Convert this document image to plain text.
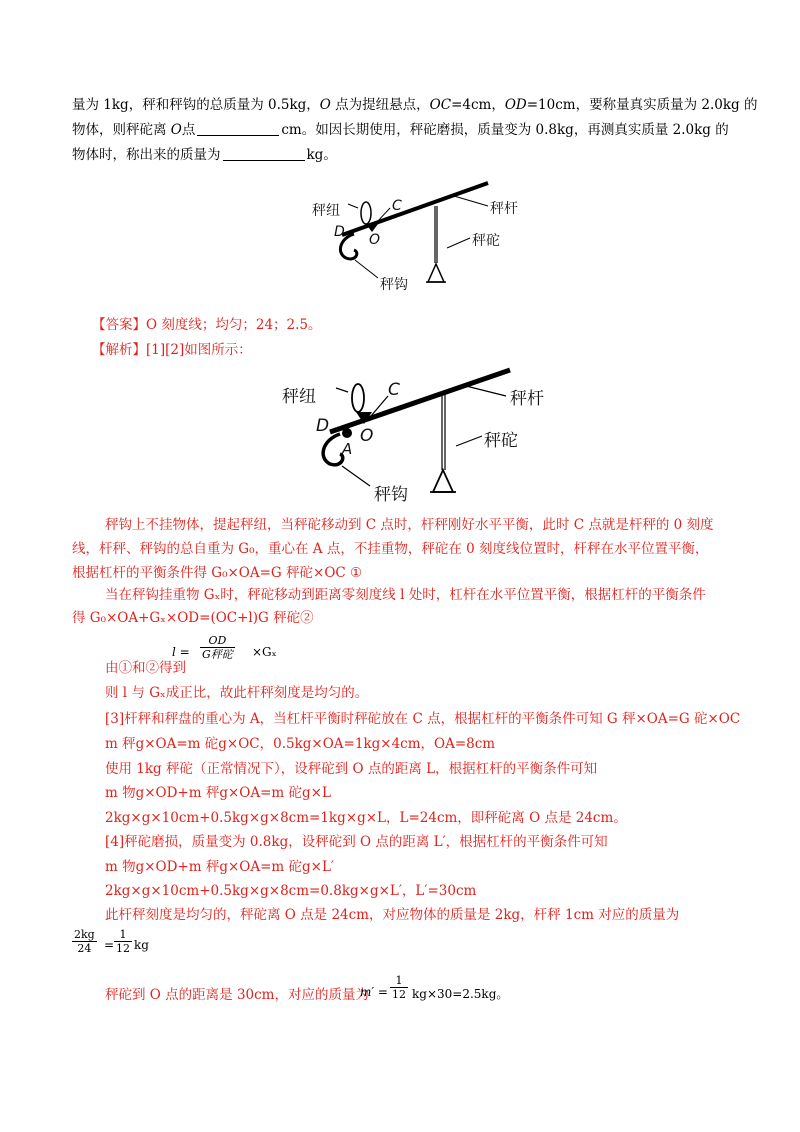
量为 1kg，秤和秤钩的总质量为 0.5kg，O 点为提纽悬点，OC=4cm，OD=10cm，要称量真实质量为 2.0kg 的
物体，则秤砣离 O点	cm。如因长期使用，秤砣磨损，质量变为 0.8kg，再测真实质量 2.0kg 的
物体时，称出来的质量为	kg。
秤纽	C
D O
秤杆
秤砣
秤钩
【答案】O 刻度线；均匀；24；2.5。
【解析】[1][2]如图所示：
秤纽	C
D O
A
秤杆
秤砣
秤钩
秤钩上不挂物体，提起秤纽，当秤砣移动到 C 点时，杆秤刚好水平平衡，此时 C 点就是杆秤的 0 刻度
线，杆秤、秤钩的总自重为 G₀，重心在 A 点，不挂重物，秤砣在 0 刻度线位置时，杆秤在水平位置平衡，
根据杠杆的平衡条件得 G₀×OA=G 秤砣×OC ①
当在秤钩挂重物 Gₓ时，秤砣移动到距离零刻度线 l 处时，杠杆在水平位置平衡，根据杠杆的平衡条件
得 G₀×OA+Gₓ×OD=(OC+l)G 秤砣②
l =
OD
G秤砣 ×Gₓ
由①和②得到
则 l 与 Gₓ成正比，故此杆秤刻度是均匀的。
[3]杆秤和秤盘的重心为 A，当杠杆平衡时秤砣放在 C 点，根据杠杆的平衡条件可知 G 秤×OA=G 砣×OC
m 秤g×OA=m 砣g×OC，0.5kg×OA=1kg×4cm，OA=8cm
使用 1kg 秤砣（正常情况下），设秤砣到 O 点的距离 L，根据杠杆的平衡条件可知
m 物g×OD+m 秤g×OA=m 砣g×L
2kg×g×10cm+0.5kg×g×8cm=1kg×g×L，L=24cm，即秤砣离 O 点是 24cm。
[4]秤砣磨损，质量变为 0.8kg，设秤砣到 O 点的距离 L′，根据杠杆的平衡条件可知
m 物g×OD+m 秤g×OA=m 砣g×L′
2kg×g×10cm+0.5kg×g×8cm=0.8kg×g×L′，L′=30cm
此杆秤刻度是均匀的，秤砣离 O 点是 24cm，对应物体的质量是 2kg，杆秤 1cm 对应的质量为
$\frac{2kg}{24} = \frac{1}{12}$ kg
秤砣到 O 点的距离是 30cm，对应的质量为
$m' = \frac{1}{12} kg\times 30=2.5kg$。
